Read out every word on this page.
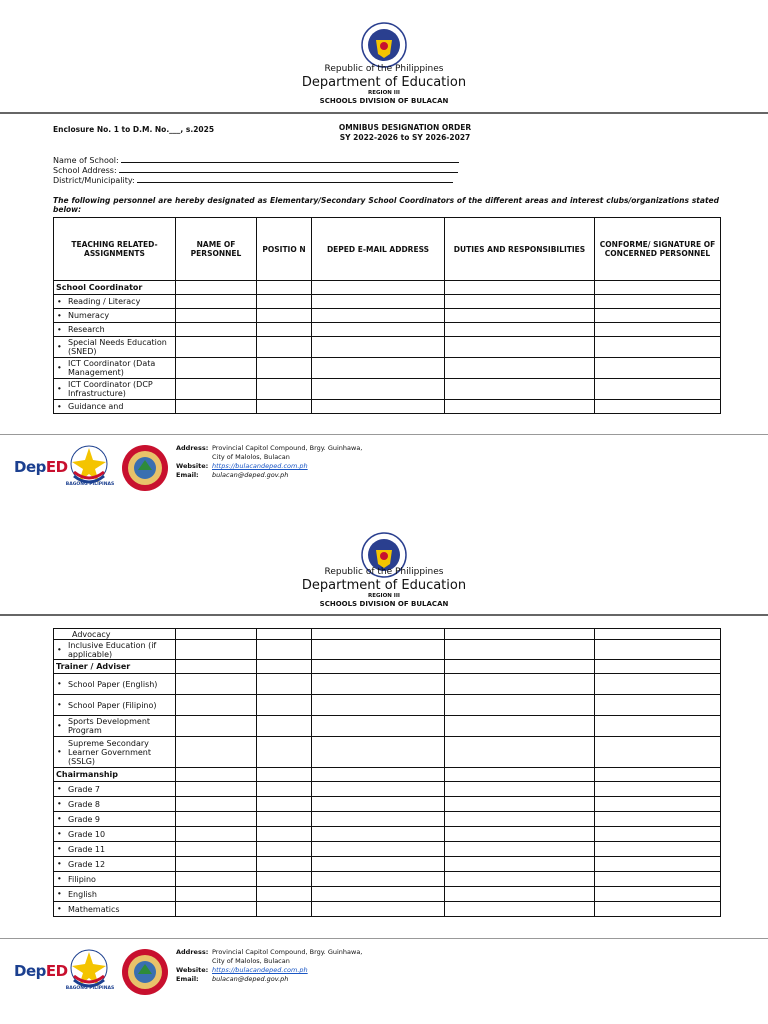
Republic of the Philippines
Department of Education
REGION III
SCHOOLS DIVISION OF BULACAN
Enclosure No. 1 to D.M. No.___, s.2025	OMNIBUS DESIGNATION ORDER
SY 2022-2026 to SY 2026-2027
Name of School:
School Address:
District/Municipality:
The following personnel are hereby designated as Elementary/Secondary School Coordinators of the different areas and interest clubs/organizations stated below:
TEACHING RELATED-ASSIGNMENTS	NAME OF PERSONNEL	POSITIO N	DEPED E-MAIL ADDRESS	DUTIES AND RESPONSIBILITIES	CONFORME/ SIGNATURE OF CONCERNED PERSONNEL
School Coordinator					
• Reading / Literacy					
• Numeracy					
• Research					
• Special Needs Education (SNED)					
• ICT Coordinator (Data Management)					
• ICT Coordinator (DCP Infrastructure)					
• Guidance and					
DepED
BAGONG PILIPINAS
Address: Provincial Capitol Compound, Brgy. Guinhawa,
City of Malolos, Bulacan
Website: https://bulacandeped.com.ph
Email: bulacan@deped.gov.ph
Republic of the Philippines
Department of Education
REGION III
SCHOOLS DIVISION OF BULACAN
Advocacy					
• Inclusive Education (if applicable)					
Trainer / Adviser					
• School Paper (English)					
• School Paper (Filipino)					
• Sports Development Program					
• Supreme Secondary Learner Government (SSLG)					
Chairmanship					
• Grade 7					
• Grade 8					
• Grade 9					
• Grade 10					
• Grade 11					
• Grade 12					
• Filipino					
• English					
• Mathematics					
DepED
BAGONG PILIPINAS
Address: Provincial Capitol Compound, Brgy. Guinhawa,
City of Malolos, Bulacan
Website: https://bulacandeped.com.ph
Email: bulacan@deped.gov.ph
